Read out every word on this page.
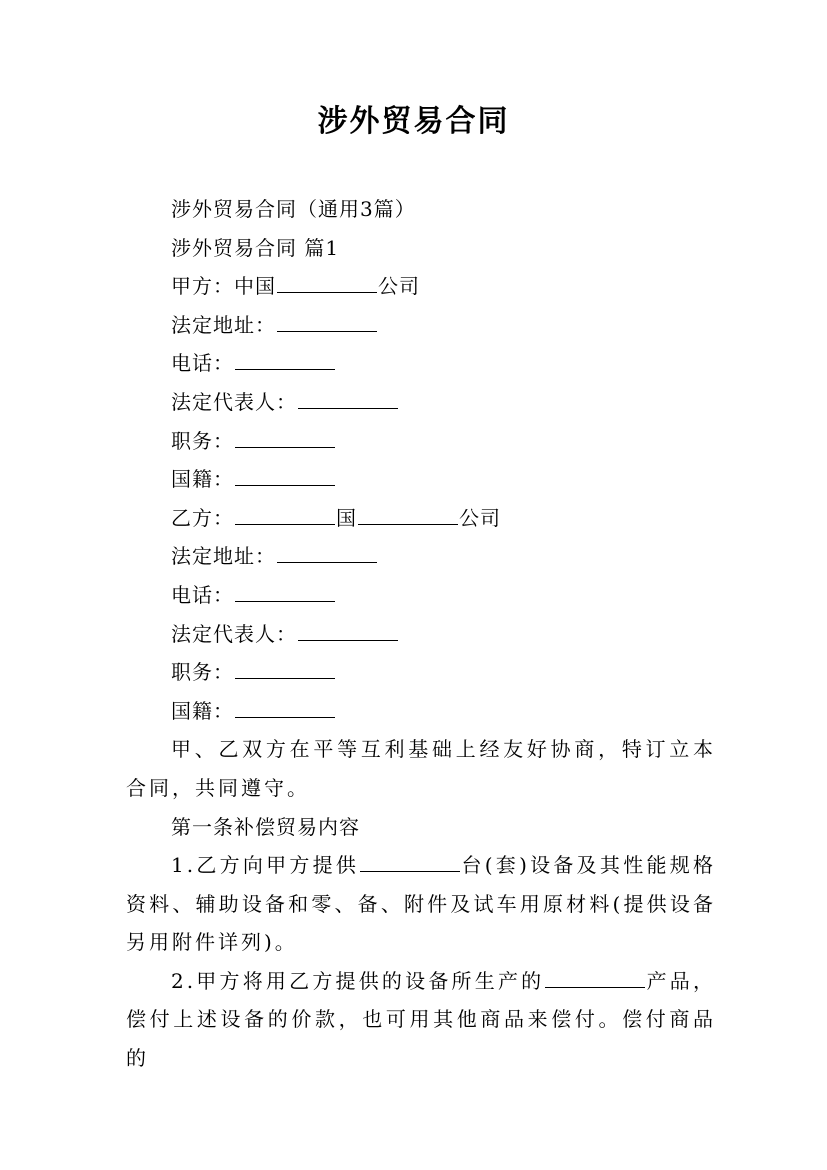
涉外贸易合同
涉外贸易合同（通用3篇）
涉外贸易合同 篇1
甲方：中国	公司
法定地址：
电话：
法定代表人：
职务：
国籍：
乙方：	国	公司
法定地址：
电话：
法定代表人：
职务：
国籍：
甲、乙双方在平等互利基础上经友好协商，特订立本合同，共同遵守。
第一条补偿贸易内容
1.乙方向甲方提供	台(套)设备及其性能规格资料、辅助设备和零、备、附件及试车用原材料(提供设备另用附件详列)。
2.甲方将用乙方提供的设备所生产的	产品，偿付上述设备的价款，也可用其他商品来偿付。偿付商品的
